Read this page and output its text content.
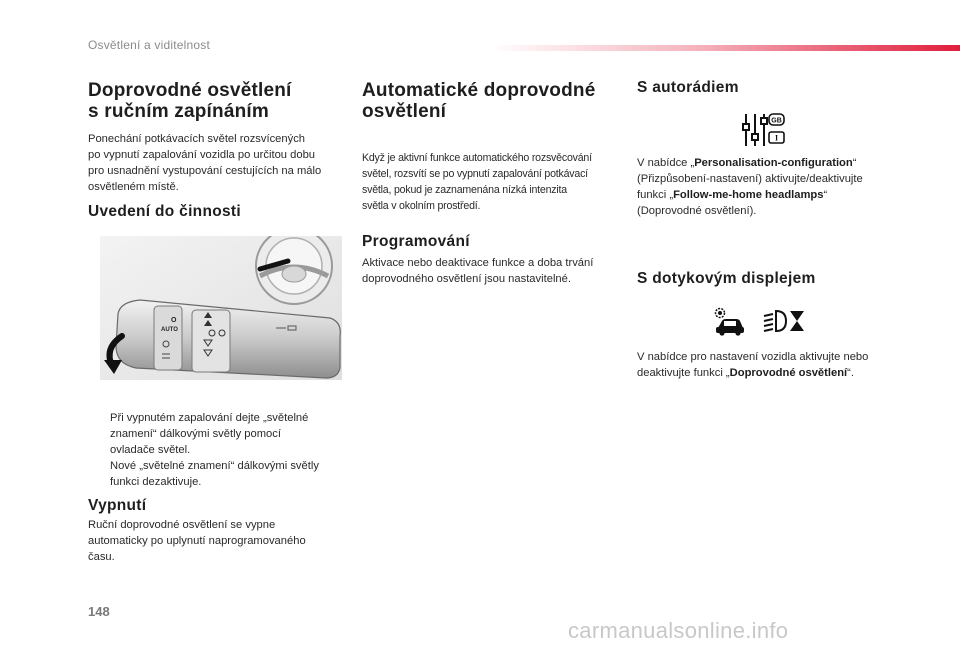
Osvětlení a viditelnost
Doprovodné osvětlení
s ručním zapínáním
Ponechání potkávacích světel rozsvícených
po vypnutí zapalování vozidla po určitou dobu
pro usnadnění vystupování cestujících na málo
osvětleném místě.
Uvedení do činnosti
O
AUTO
Při vypnutém zapalování dejte „světelné
znamení“ dálkovými světly pomocí
ovladače světel.
Nové „světelné znamení“ dálkovými světly
funkci dezaktivuje.
Vypnutí
Ruční doprovodné osvětlení se vypne
automaticky po uplynutí naprogramovaného
času.
Automatické doprovodné
osvětlení
Když je aktivní funkce automatického rozsvěcování
světel, rozsvítí se po vypnutí zapalování potkávací
světla, pokud je zaznamenána nízká intenzita
světla v okolním prostředí.
Programování
Aktivace nebo deaktivace funkce a doba trvání
doprovodného osvětlení jsou nastavitelné.
S autorádiem
GB
I
V nabídce „Personalisation-configuration“
(Přizpůsobení-nastavení) aktivujte/deaktivujte
funkci „Follow-me-home headlamps“
(Doprovodné osvětlení).
S dotykovým displejem
V nabídce pro nastavení vozidla aktivujte nebo
deaktivujte funkci „Doprovodné osvětlení“.
148
carmanualsonline.info
